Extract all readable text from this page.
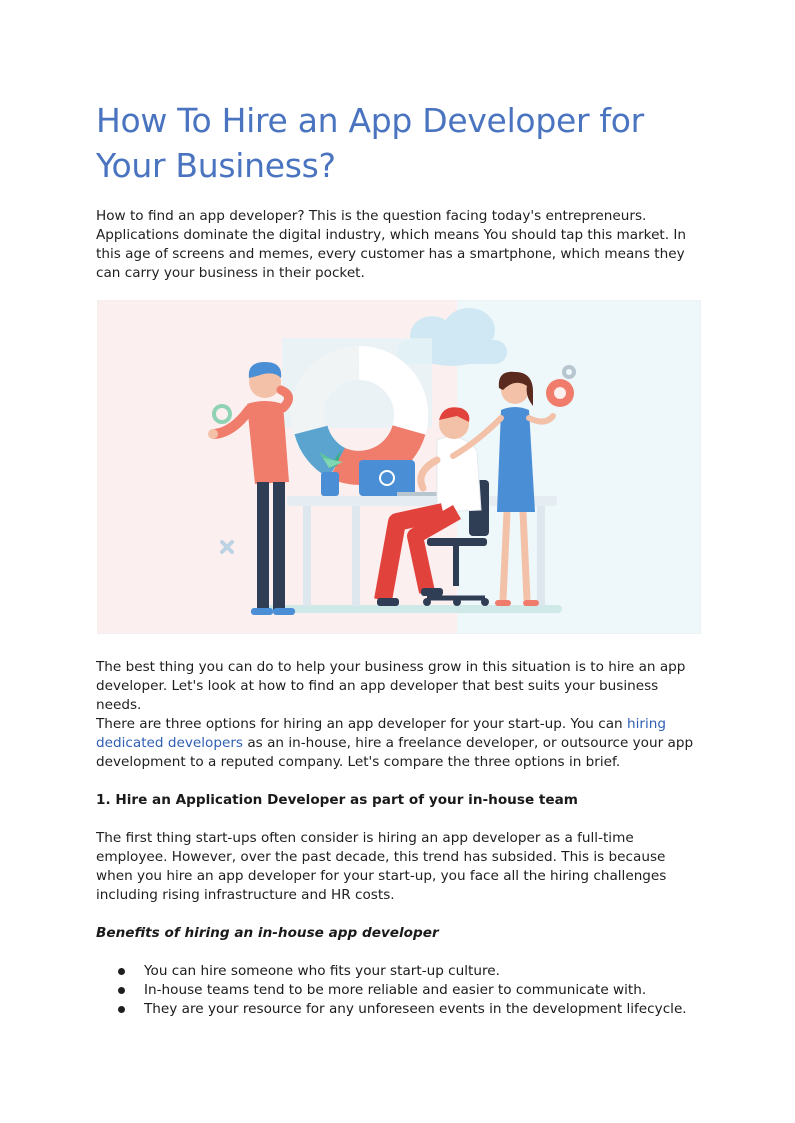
How To Hire an App Developer for Your Business?

How to find an app developer? This is the question facing today's entrepreneurs. Applications dominate the digital industry, which means You should tap this market. In this age of screens and memes, every customer has a smartphone, which means they can carry your business in their pocket.

The best thing you can do to help your business grow in this situation is to hire an app developer. Let's look at how to find an app developer that best suits your business needs.

There are three options for hiring an app developer for your start-up. You can hiring dedicated developers as an in-house, hire a freelance developer, or outsource your app development to a reputed company. Let's compare the three options in brief.

1. Hire an Application Developer as part of your in-house team

The first thing start-ups often consider is hiring an app developer as a full-time employee. However, over the past decade, this trend has subsided. This is because when you hire an app developer for your start-up, you face all the hiring challenges including rising infrastructure and HR costs.

Benefits of hiring an in-house app developer

You can hire someone who fits your start-up culture.
In-house teams tend to be more reliable and easier to communicate with.
They are your resource for any unforeseen events in the development lifecycle.
